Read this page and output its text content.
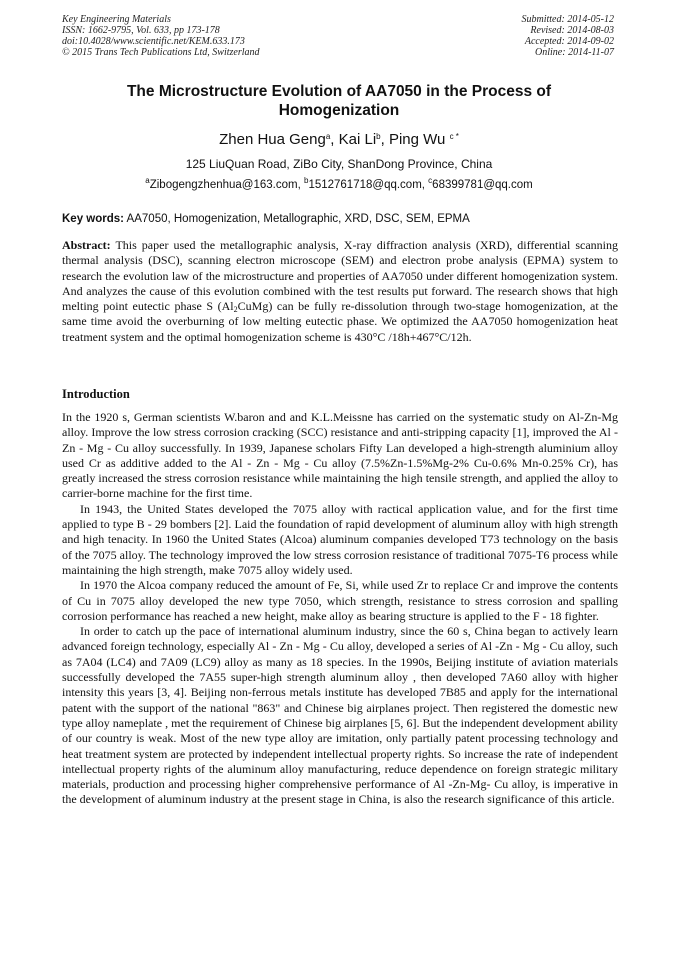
Key Engineering Materials
ISSN: 1662-9795, Vol. 633, pp 173-178
doi:10.4028/www.scientific.net/KEM.633.173
© 2015 Trans Tech Publications Ltd, Switzerland
Submitted: 2014-05-12
Revised: 2014-08-03
Accepted: 2014-09-02
Online: 2014-11-07
The Microstructure Evolution of AA7050 in the Process of Homogenization
Zhen Hua Geng$^a$, Kai Li$^b$, Ping Wu $^{c *}$
125 LiuQuan Road, ZiBo City, ShanDong Province, China
$^a$Zibogengzhenhua@163.com, $^b$1512761718@qq.com, $^c$68399781@qq.com
Key words: AA7050, Homogenization, Metallographic, XRD, DSC, SEM, EPMA
Abstract: This paper used the metallographic analysis, X-ray diffraction analysis (XRD), differential scanning thermal analysis (DSC), scanning electron microscope (SEM) and electron probe analysis (EPMA) system to research the evolution law of the microstructure and properties of AA7050 under different homogenization system. And analyzes the cause of this evolution combined with the test results put forward. The research shows that high melting point eutectic phase S $(Al_2CuMg)$ can be fully re-dissolution through two-stage homogenization, at the same time avoid the overburning of low melting eutectic phase. We optimized the AA7050 homogenization heat treatment system and the optimal homogenization scheme is 430°C /18h+467°C/12h.
Introduction

In the 1920 s, German scientists W.baron and and K.L.Meissne has carried on the systematic study on Al-Zn-Mg alloy. Improve the low stress corrosion cracking (SCC) resistance and anti-stripping capacity [1], improved the Al - Zn - Mg - Cu alloy successfully. In 1939, Japanese scholars Fifty Lan developed a high-strength aluminium alloy used Cr as additive added to the Al - Zn - Mg - Cu alloy (7.5%Zn-1.5%Mg-2% Cu-0.6% Mn-0.25% Cr), has greatly increased the stress corrosion resistance while maintaining the high tensile strength, and applied the alloy to carrier-borne machine for the first time.

In 1943, the United States developed the 7075 alloy with ractical application value, and for the first time applied to type B - 29 bombers [2]. Laid the foundation of rapid development of aluminum alloy with high strength and high tenacity. In 1960 the United States (Alcoa) aluminum companies developed T73 technology on the basis of the 7075 alloy. The technology improved the low stress corrosion resistance of traditional 7075-T6 process while maintaining the high strength, make 7075 alloy widely used.

In 1970 the Alcoa company reduced the amount of Fe, Si, while used Zr to replace Cr and improve the contents of Cu in 7075 alloy developed the new type 7050, which strength, resistance to stress corrosion and spalling corrosion performance has reached a new height, make alloy as bearing structure is applied to the F - 18 fighter.

In order to catch up the pace of international aluminum industry, since the 60 s, China began to actively learn advanced foreign technology, especially Al - Zn - Mg - Cu alloy, developed a series of Al -Zn - Mg - Cu alloy, such as 7A04 (LC4) and 7A09 (LC9) alloy as many as 18 species. In the 1990s, Beijing institute of aviation materials successfully developed the 7A55 super-high strength aluminum alloy , then developed 7A60 alloy with higher intensity this years [3, 4]. Beijing non-ferrous metals institute has developed 7B85 and apply for the international patent with the support of the national "863" and Chinese big airplanes project. Then registered the domestic new type alloy nameplate , met the requirement of Chinese big airplanes [5, 6]. But the independent development ability of our country is weak. Most of the new type alloy are imitation, only partially patent processing technology and heat treatment system are protected by independent intellectual property rights. So increase the rate of independent intellectual property rights of the aluminum alloy manufacturing, reduce dependence on foreign strategic military materials, production and processing higher comprehensive performance of Al -Zn-Mg- Cu alloy, is imperative in the development of aluminum industry at the present stage in China, is also the research significance of this article.
